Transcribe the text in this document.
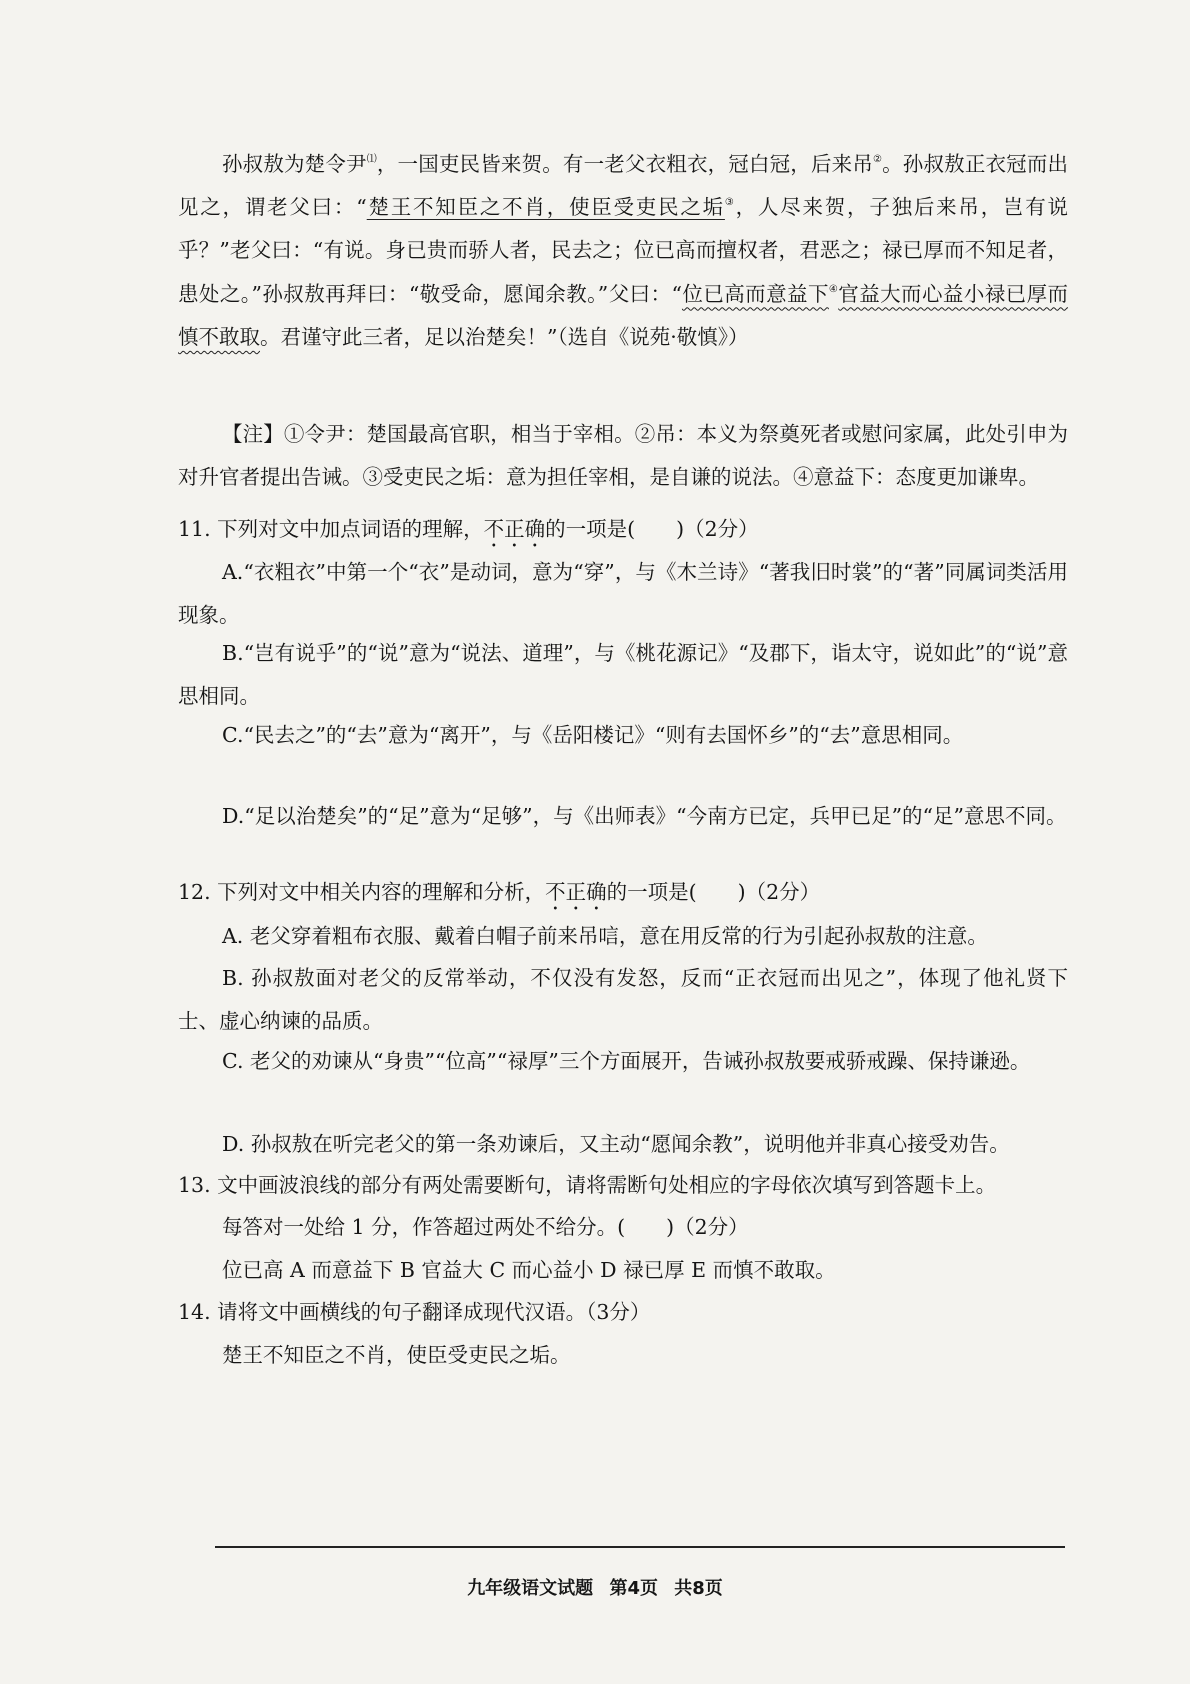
孙叔敖为楚令尹⑴，一国吏民皆来贺。有一老父衣粗衣，冠白冠，后来吊②。孙叔敖正衣冠而出见之，谓老父曰：“楚王不知臣之不肖，使臣受吏民之垢③，人尽来贺，子独后来吊，岂有说乎？”老父曰：“有说。身已贵而骄人者，民去之；位已高而擅权者，君恶之；禄已厚而不知足者，患处之。”孙叔敖再拜曰：“敬受命，愿闻余教。”父曰：“位已高而意益下④官益大而心益小禄已厚而慎不敢取。君谨守此三者，足以治楚矣！”（选自《说苑·敬慎》）

【注】①令尹：楚国最高官职，相当于宰相。②吊：本义为祭奠死者或慰问家属，此处引申为对升官者提出告诫。③受吏民之垢：意为担任宰相，是自谦的说法。④意益下：态度更加谦卑。

11. 下列对文中加点词语的理解，不正确的一项是(　　)（2分）

A.“衣粗衣”中第一个“衣”是动词，意为“穿”，与《木兰诗》“著我旧时裳”的“著”同属词类活用现象。

B.“岂有说乎”的“说”意为“说法、道理”，与《桃花源记》“及郡下，诣太守，说如此”的“说”意思相同。

C.“民去之”的“去”意为“离开”，与《岳阳楼记》“则有去国怀乡”的“去”意思相同。

D.“足以治楚矣”的“足”意为“足够”，与《出师表》“今南方已定，兵甲已足”的“足”意思不同。

12. 下列对文中相关内容的理解和分析，不正确的一项是(　　)（2分）

A. 老父穿着粗布衣服、戴着白帽子前来吊唁，意在用反常的行为引起孙叔敖的注意。

B. 孙叔敖面对老父的反常举动，不仅没有发怒，反而“正衣冠而出见之”，体现了他礼贤下士、虚心纳谏的品质。

C. 老父的劝谏从“身贵”“位高”“禄厚”三个方面展开，告诫孙叔敖要戒骄戒躁、保持谦逊。

D. 孙叔敖在听完老父的第一条劝谏后，又主动“愿闻余教”，说明他并非真心接受劝告。

13. 文中画波浪线的部分有两处需要断句，请将需断句处相应的字母依次填写到答题卡上。

每答对一处给 1 分，作答超过两处不给分。(　　)（2分）

位已高 A 而意益下 B 官益大 C 而心益小 D 禄已厚 E 而慎不敢取。

14. 请将文中画横线的句子翻译成现代汉语。（3分）

楚王不知臣之不肖，使臣受吏民之垢。

九年级语文试题 第4页 共8页
